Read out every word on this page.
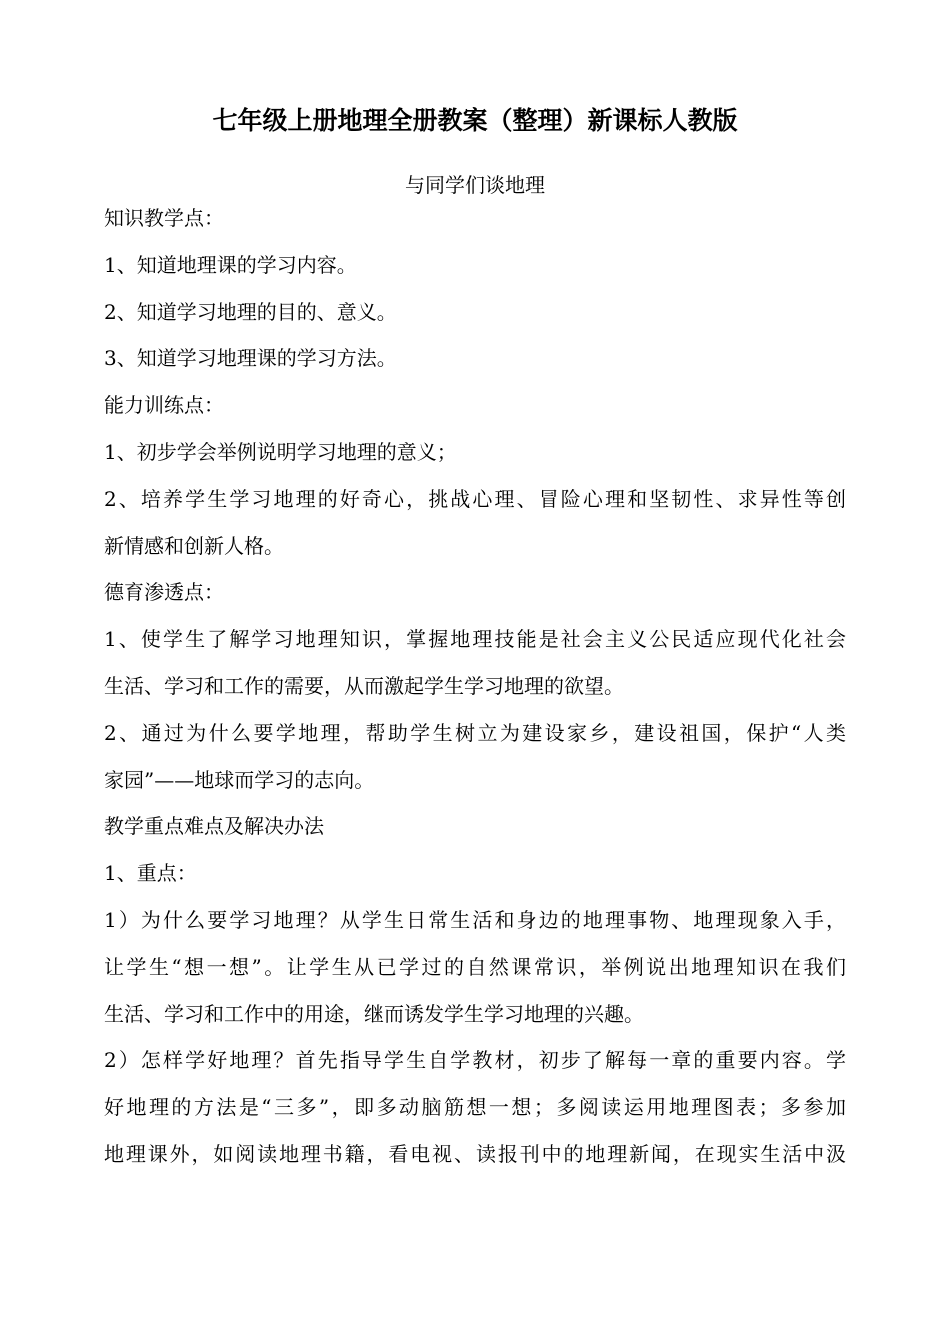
七年级上册地理全册教案（整理）新课标人教版
与同学们谈地理
知识教学点：
1、知道地理课的学习内容。
2、知道学习地理的目的、意义。
3、知道学习地理课的学习方法。
能力训练点：
1、初步学会举例说明学习地理的意义；
2、培养学生学习地理的好奇心，挑战心理、冒险心理和坚韧性、求异性等创
新情感和创新人格。
德育渗透点：
1、使学生了解学习地理知识，掌握地理技能是社会主义公民适应现代化社会
生活、学习和工作的需要，从而激起学生学习地理的欲望。
2、通过为什么要学地理，帮助学生树立为建设家乡，建设祖国，保护“人类
家园”——地球而学习的志向。
教学重点难点及解决办法
1、重点：
1）为什么要学习地理？从学生日常生活和身边的地理事物、地理现象入手，
让学生“想一想”。让学生从已学过的自然课常识，举例说出地理知识在我们
生活、学习和工作中的用途，继而诱发学生学习地理的兴趣。
2）怎样学好地理？首先指导学生自学教材，初步了解每一章的重要内容。学
好地理的方法是“三多”，即多动脑筋想一想；多阅读运用地理图表；多参加
地理课外，如阅读地理书籍，看电视、读报刊中的地理新闻，在现实生活中汲
